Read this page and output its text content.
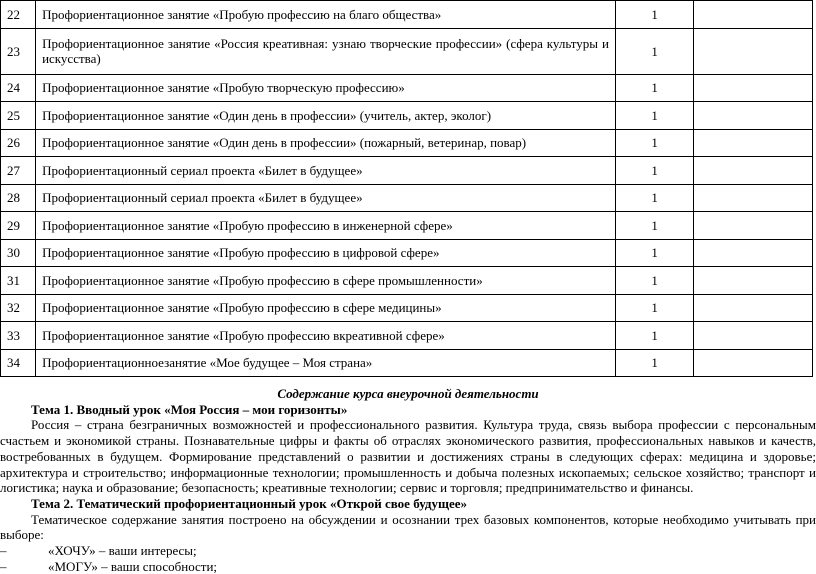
22	Профориентационное занятие «Пробую профессию на благо общества»	1	
23	Профориентационное занятие «Россия креативная: узнаю творческие профессии» (сфера культуры и искусства)	1	
24	Профориентационное занятие «Пробую творческую профессию»	1	
25	Профориентационное занятие «Один день в профессии» (учитель, актер, эколог)	1	
26	Профориентационное занятие «Один день в профессии» (пожарный, ветеринар, повар)	1	
27	Профориентационный сериал проекта «Билет в будущее»	1	
28	Профориентационный сериал проекта «Билет в будущее»	1	
29	Профориентационное занятие «Пробую профессию в инженерной сфере»	1	
30	Профориентационное занятие «Пробую профессию в цифровой сфере»	1	
31	Профориентационное занятие «Пробую профессию в сфере промышленности»	1	
32	Профориентационное занятие «Пробую профессию в сфере медицины»	1	
33	Профориентационное занятие «Пробую профессию вкреативной сфере»	1	
34	Профориентационноезанятие «Мое будущее – Моя страна»	1	

Содержание курса внеурочной деятельности

Тема 1. Вводный урок «Моя Россия – мои горизонты»

Россия – страна безграничных возможностей и профессионального развития. Культура труда, связь выбора профессии с персональным счастьем и экономикой страны. Познавательные цифры и факты об отраслях экономического развития, профессиональных навыков и качеств, востребованных в будущем. Формирование представлений о развитии и достижениях страны в следующих сферах: медицина и здоровье; архитектура и строительство; информационные технологии; промышленность и добыча полезных ископаемых; сельское хозяйство; транспорт и логистика; наука и образование; безопасность; креативные технологии; сервис и торговля; предпринимательство и финансы.

Тема 2. Тематический профориентационный урок «Открой свое будущее»

Тематическое содержание занятия построено на обсуждении и осознании трех базовых компонентов, которые необходимо учитывать при выборе:

–	«ХОЧУ» – ваши интересы;

–	«МОГУ» – ваши способности;
